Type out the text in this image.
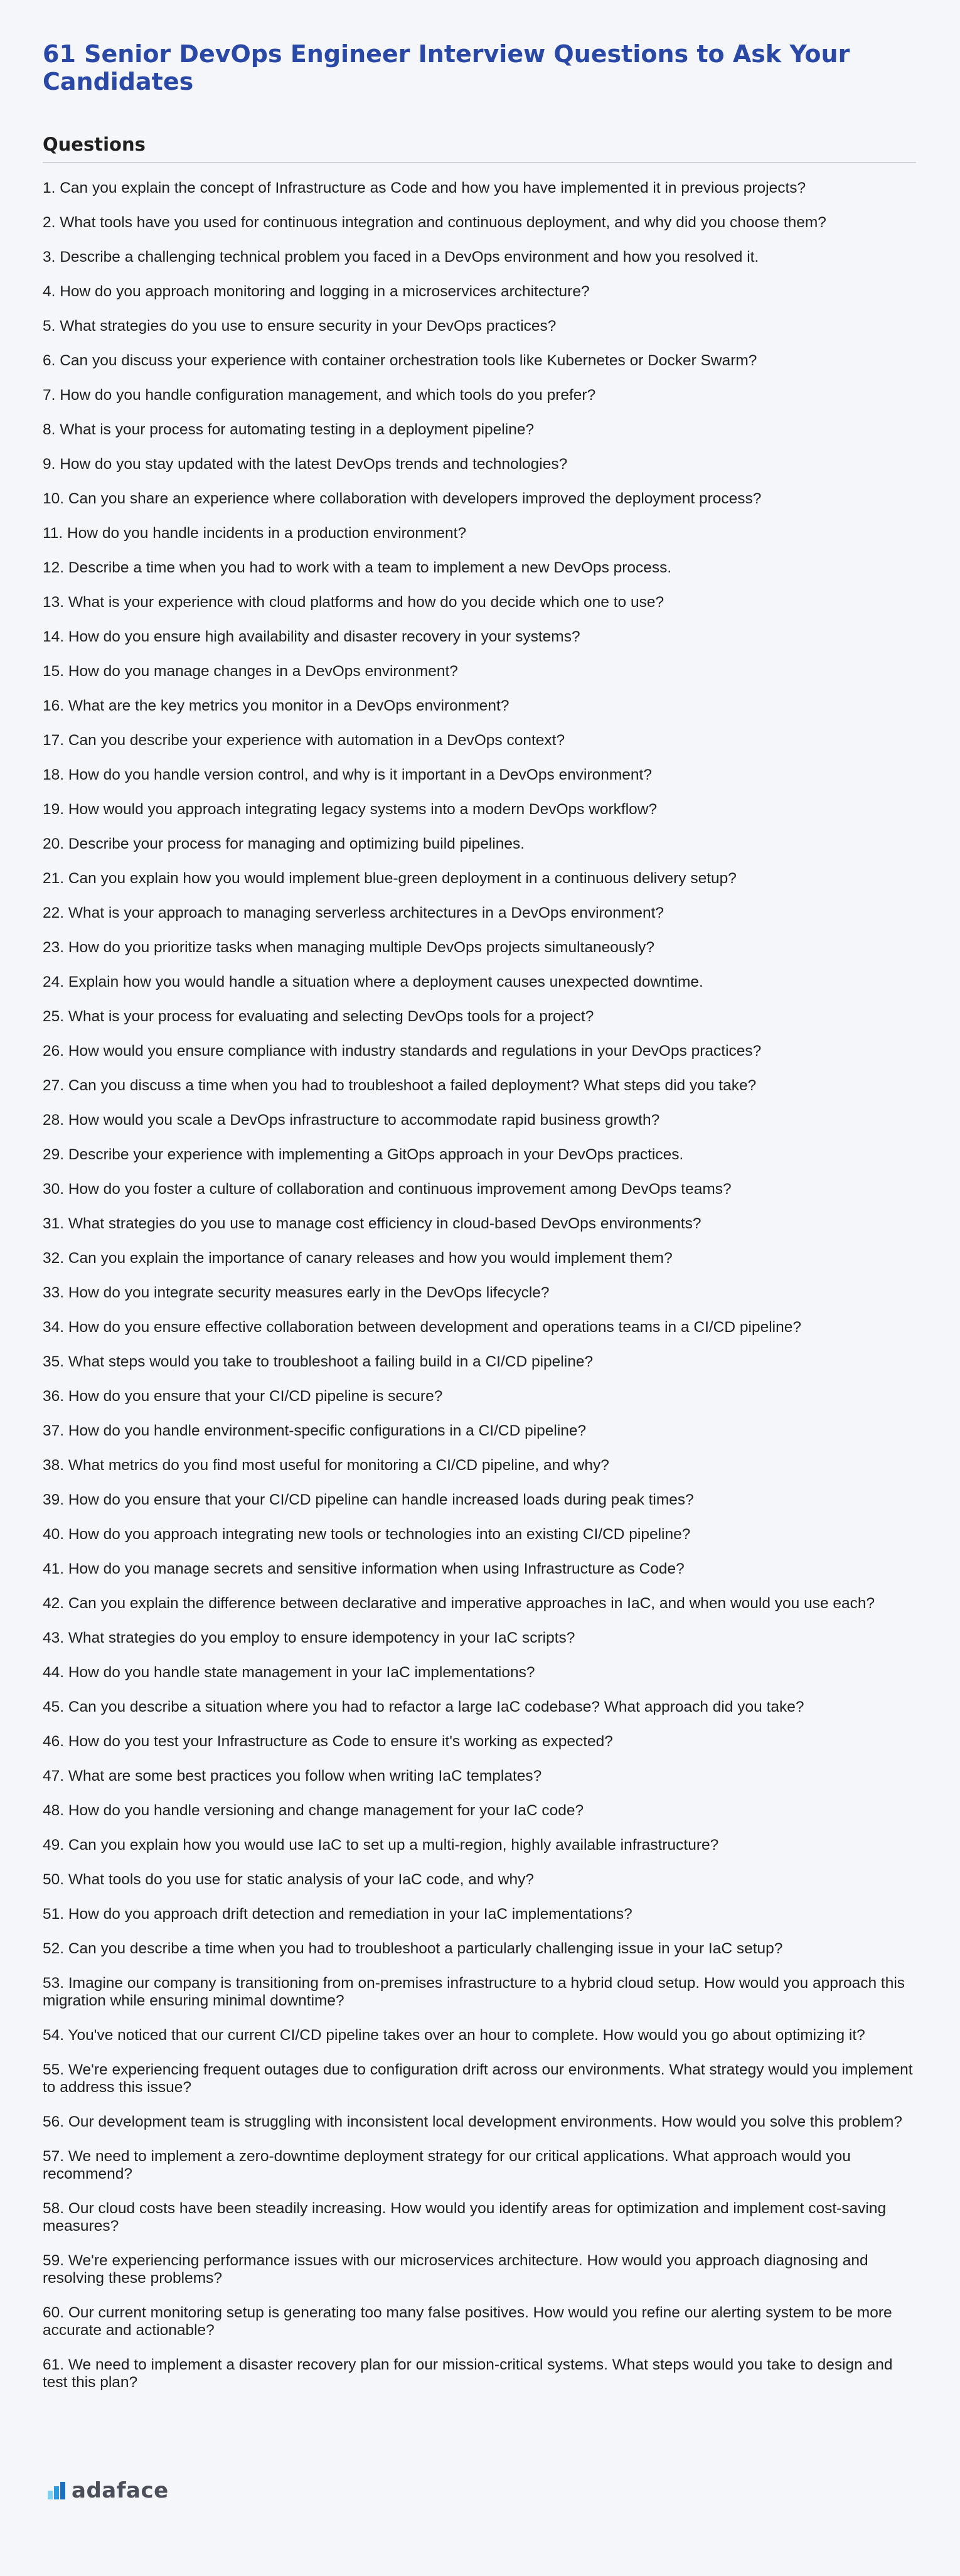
61 Senior DevOps Engineer Interview Questions to Ask Your Candidates
Questions
1. Can you explain the concept of Infrastructure as Code and how you have implemented it in previous projects?
2. What tools have you used for continuous integration and continuous deployment, and why did you choose them?
3. Describe a challenging technical problem you faced in a DevOps environment and how you resolved it.
4. How do you approach monitoring and logging in a microservices architecture?
5. What strategies do you use to ensure security in your DevOps practices?
6. Can you discuss your experience with container orchestration tools like Kubernetes or Docker Swarm?
7. How do you handle configuration management, and which tools do you prefer?
8. What is your process for automating testing in a deployment pipeline?
9. How do you stay updated with the latest DevOps trends and technologies?
10. Can you share an experience where collaboration with developers improved the deployment process?
11. How do you handle incidents in a production environment?
12. Describe a time when you had to work with a team to implement a new DevOps process.
13. What is your experience with cloud platforms and how do you decide which one to use?
14. How do you ensure high availability and disaster recovery in your systems?
15. How do you manage changes in a DevOps environment?
16. What are the key metrics you monitor in a DevOps environment?
17. Can you describe your experience with automation in a DevOps context?
18. How do you handle version control, and why is it important in a DevOps environment?
19. How would you approach integrating legacy systems into a modern DevOps workflow?
20. Describe your process for managing and optimizing build pipelines.
21. Can you explain how you would implement blue-green deployment in a continuous delivery setup?
22. What is your approach to managing serverless architectures in a DevOps environment?
23. How do you prioritize tasks when managing multiple DevOps projects simultaneously?
24. Explain how you would handle a situation where a deployment causes unexpected downtime.
25. What is your process for evaluating and selecting DevOps tools for a project?
26. How would you ensure compliance with industry standards and regulations in your DevOps practices?
27. Can you discuss a time when you had to troubleshoot a failed deployment? What steps did you take?
28. How would you scale a DevOps infrastructure to accommodate rapid business growth?
29. Describe your experience with implementing a GitOps approach in your DevOps practices.
30. How do you foster a culture of collaboration and continuous improvement among DevOps teams?
31. What strategies do you use to manage cost efficiency in cloud-based DevOps environments?
32. Can you explain the importance of canary releases and how you would implement them?
33. How do you integrate security measures early in the DevOps lifecycle?
34. How do you ensure effective collaboration between development and operations teams in a CI/CD pipeline?
35. What steps would you take to troubleshoot a failing build in a CI/CD pipeline?
36. How do you ensure that your CI/CD pipeline is secure?
37. How do you handle environment-specific configurations in a CI/CD pipeline?
38. What metrics do you find most useful for monitoring a CI/CD pipeline, and why?
39. How do you ensure that your CI/CD pipeline can handle increased loads during peak times?
40. How do you approach integrating new tools or technologies into an existing CI/CD pipeline?
41. How do you manage secrets and sensitive information when using Infrastructure as Code?
42. Can you explain the difference between declarative and imperative approaches in IaC, and when would you use each?
43. What strategies do you employ to ensure idempotency in your IaC scripts?
44. How do you handle state management in your IaC implementations?
45. Can you describe a situation where you had to refactor a large IaC codebase? What approach did you take?
46. How do you test your Infrastructure as Code to ensure it's working as expected?
47. What are some best practices you follow when writing IaC templates?
48. How do you handle versioning and change management for your IaC code?
49. Can you explain how you would use IaC to set up a multi-region, highly available infrastructure?
50. What tools do you use for static analysis of your IaC code, and why?
51. How do you approach drift detection and remediation in your IaC implementations?
52. Can you describe a time when you had to troubleshoot a particularly challenging issue in your IaC setup?
53. Imagine our company is transitioning from on-premises infrastructure to a hybrid cloud setup. How would you approach this migration while ensuring minimal downtime?
54. You've noticed that our current CI/CD pipeline takes over an hour to complete. How would you go about optimizing it?
55. We're experiencing frequent outages due to configuration drift across our environments. What strategy would you implement to address this issue?
56. Our development team is struggling with inconsistent local development environments. How would you solve this problem?
57. We need to implement a zero-downtime deployment strategy for our critical applications. What approach would you recommend?
58. Our cloud costs have been steadily increasing. How would you identify areas for optimization and implement cost-saving measures?
59. We're experiencing performance issues with our microservices architecture. How would you approach diagnosing and resolving these problems?
60. Our current monitoring setup is generating too many false positives. How would you refine our alerting system to be more accurate and actionable?
61. We need to implement a disaster recovery plan for our mission-critical systems. What steps would you take to design and test this plan?
adaface
